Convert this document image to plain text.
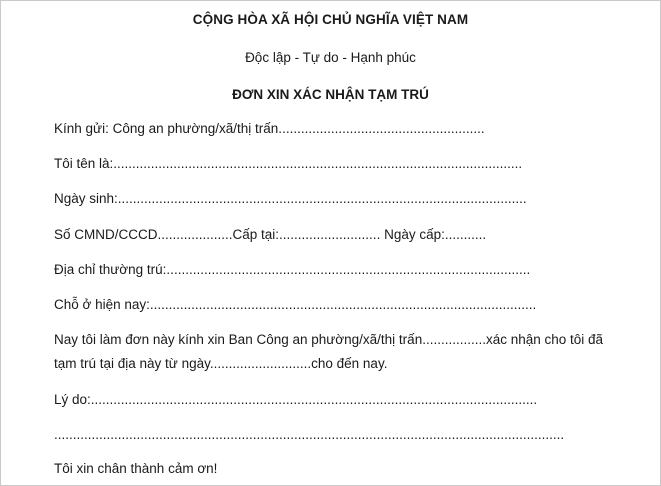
CỘNG HÒA XÃ HỘI CHỦ NGHĨA VIỆT NAM
Độc lập - Tự do - Hạnh phúc
ĐƠN XIN XÁC NHẬN TẠM TRÚ
Kính gửi: Công an phường/xã/thị trấn.......................................................
Tôi tên là:.............................................................................................................
Ngày sinh:.............................................................................................................
Số CMND/CCCD....................Cấp tại:........................... Ngày cấp:...........
Địa chỉ thường trú:.................................................................................................
Chỗ ở hiện nay:.......................................................................................................
Nay tôi làm đơn này kính xin Ban Công an phường/xã/thị trấn.................xác nhận cho tôi đã
tạm trú tại địa này từ ngày...........................cho đến nay.
Lý do:.......................................................................................................................
........................................................................................................................................
Tôi xin chân thành cảm ơn!
